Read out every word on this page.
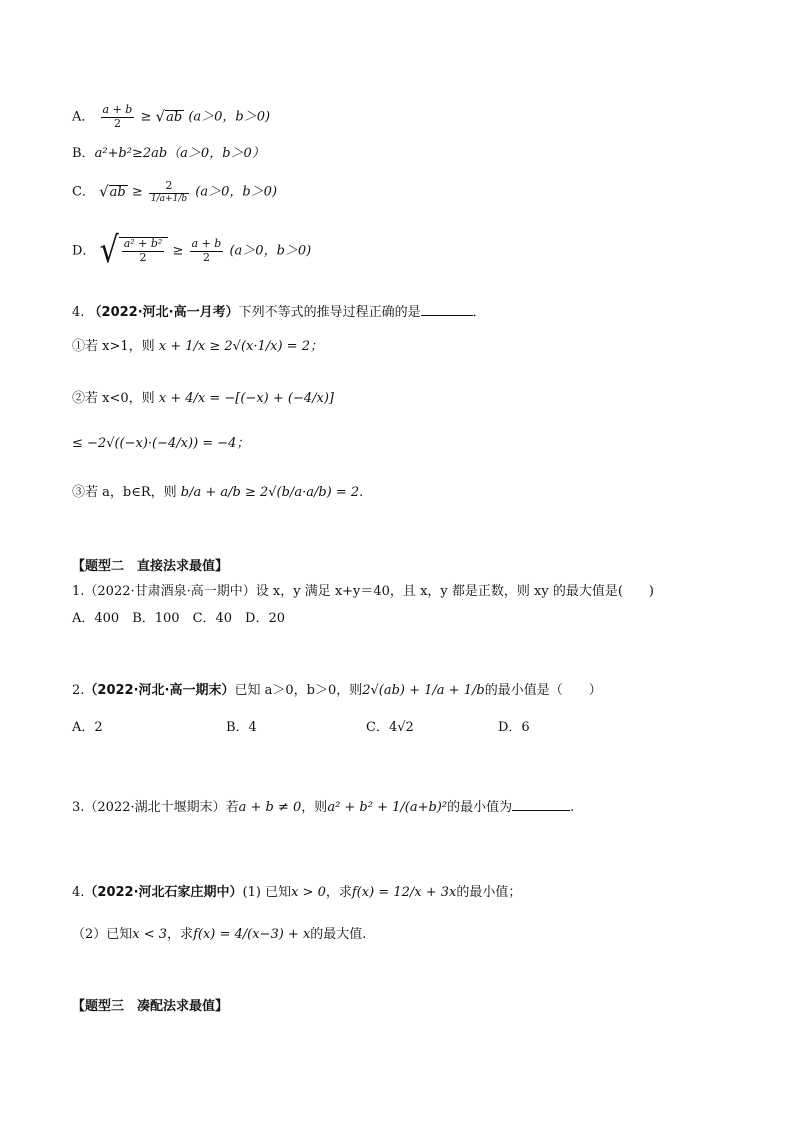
A． $\frac{a + b}{2} \ge √ab$ (a＞0，b＞0)
B．a²+b²≥2ab（a＞0，b＞0）
C． $√ab \ge \frac{2}{1/a+1/b} (a>0$，b＞0)
D． √ $\frac{\text{a² + b²}}{2} \ge \frac{a + b}{2} (a>0$，b＞0)
4. （2022·河北·高一月考）下列不等式的推导过程正确的是	．
①若 x>1，则 x + 1/x ≥ 2√(x·1/x) = 2；
②若 x<0，则 x + 4/x = −[(−x) + (−4/x)]
≤ −2√((−x)·(−4/x)) = −4；
③若 a，b∈R，则 b/a + a/b ≥ 2√(b/a·a/b) = 2.
【题型二　直接法求最值】
1.（2022·甘肃酒泉·高一期中）设 x，y 满足 x+y＝40，且 x，y 都是正数，则 xy 的最大值是(　　)
A．400　B．100　C．40　D．20
2.（2022·河北·高一期末）已知 a＞0，b＞0，则2√(ab) + 1/a + 1/b的最小值是（　　）
A．2	B．4	C．4√2	D．6
3.（2022·湖北十堰期末）若a + b ≠ 0，则a² + b² + 1/(a+b)²的最小值为	.
4.（2022·河北石家庄期中）(1) 已知x > 0，求f(x) = 12/x + 3x的最小值；
（2）已知x < 3，求f(x) = 4/(x−3) + x的最大值.
【题型三　凑配法求最值】
